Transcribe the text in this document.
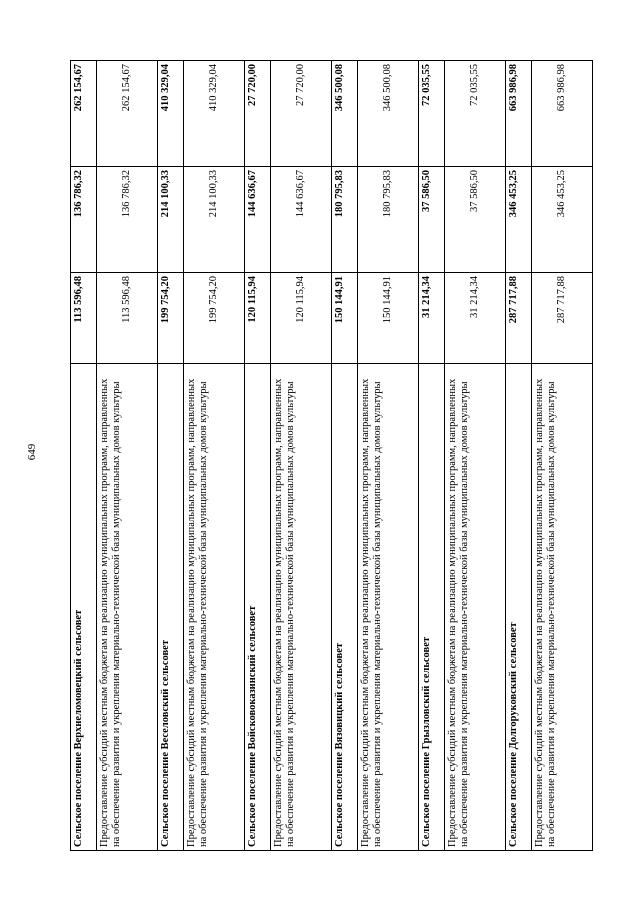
649
Сельское поселение Верхнеломовецкий сельсовет	113 596,48	136 786,32	262 154,67
Предоставление субсидий местным бюджетам на реализацию муниципальных программ, направленных на обеспечение развития и укрепления материально-технической базы муниципальных домов культуры	113 596,48	136 786,32	262 154,67
Сельское поселение Веселовский сельсовет	199 754,20	214 100,33	410 329,04
Предоставление субсидий местным бюджетам на реализацию муниципальных программ, направленных на обеспечение развития и укрепления материально-технической базы муниципальных домов культуры	199 754,20	214 100,33	410 329,04
Сельское поселение Войсковоказинский сельсовет	120 115,94	144 636,67	27 720,00
Предоставление субсидий местным бюджетам на реализацию муниципальных программ, направленных на обеспечение развития и укрепления материально-технической базы муниципальных домов культуры	120 115,94	144 636,67	27 720,00
Сельское поселение Вязовицкий сельсовет	150 144,91	180 795,83	346 500,08
Предоставление субсидий местным бюджетам на реализацию муниципальных программ, направленных на обеспечение развития и укрепления материально-технической базы муниципальных домов культуры	150 144,91	180 795,83	346 500,08
Сельское поселение Грызловский сельсовет	31 214,34	37 586,50	72 035,55
Предоставление субсидий местным бюджетам на реализацию муниципальных программ, направленных на обеспечение развития и укрепления материально-технической базы муниципальных домов культуры	31 214,34	37 586,50	72 035,55
Сельское поселение Долгоруковский сельсовет	287 717,88	346 453,25	663 986,98
Предоставление субсидий местным бюджетам на реализацию муниципальных программ, направленных на обеспечение развития и укрепления материально-технической базы муниципальных домов культуры	287 717,88	346 453,25	663 986,98
